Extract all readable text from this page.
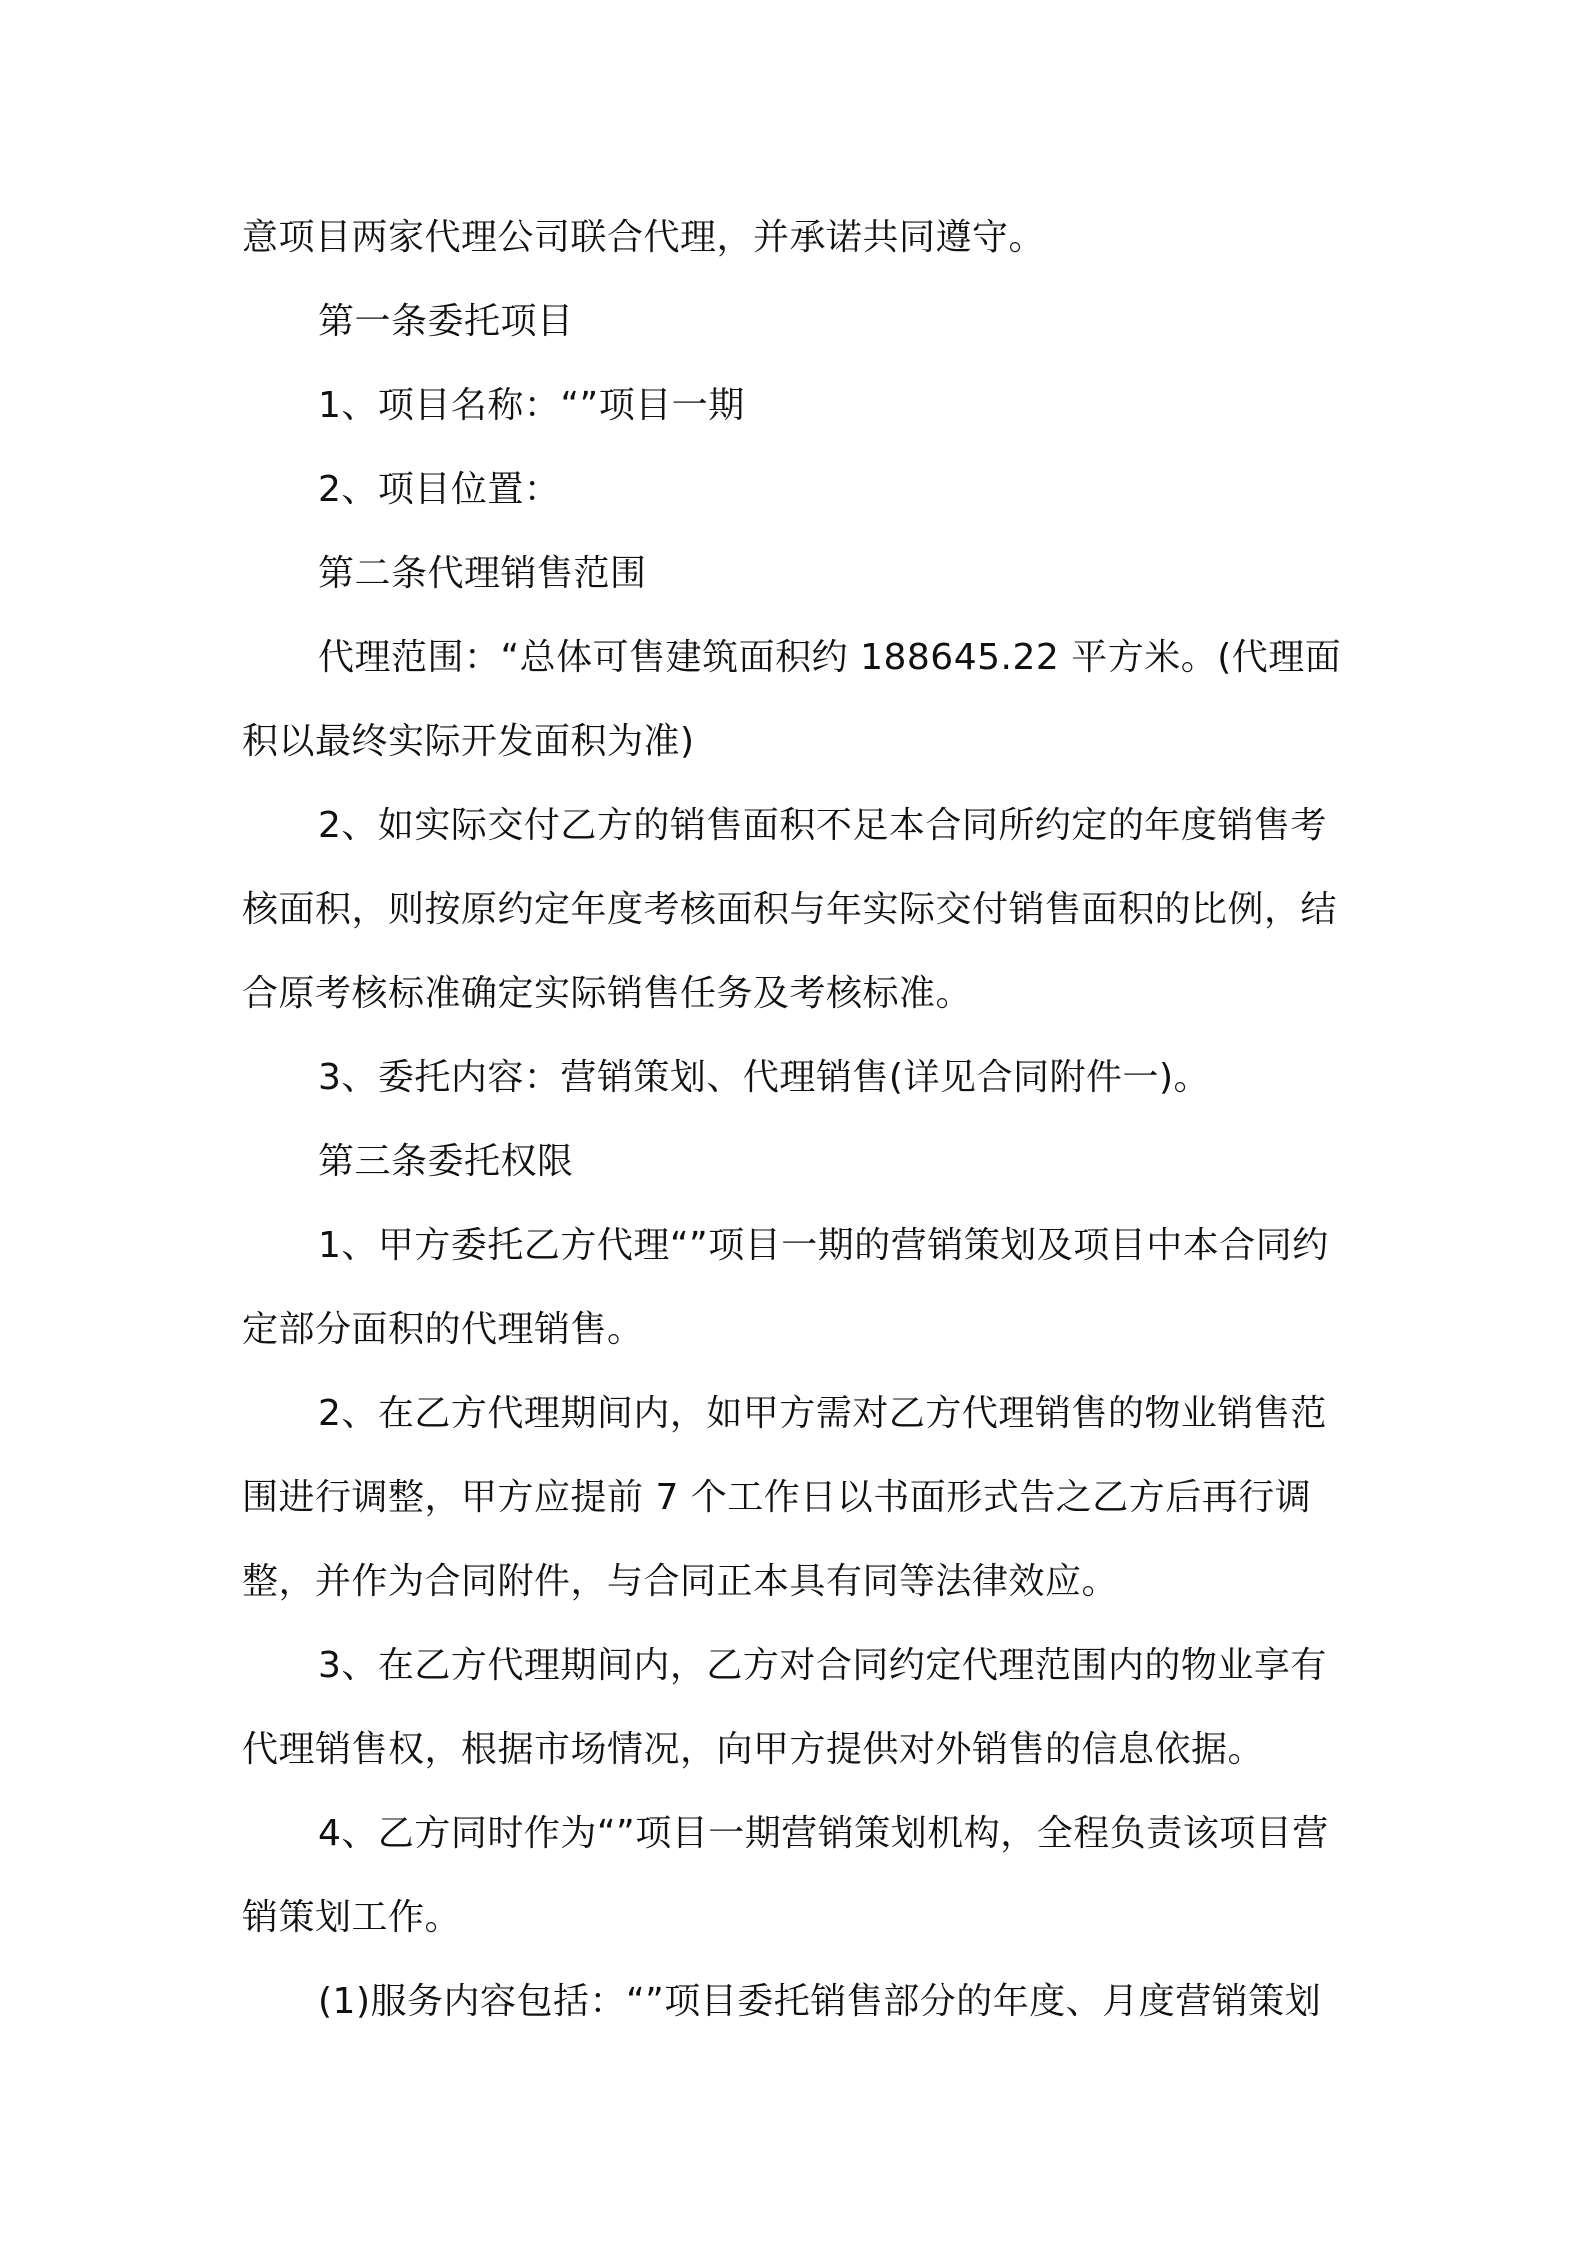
意项目两家代理公司联合代理，并承诺共同遵守。

第一条委托项目

1、项目名称：“”项目一期

2、项目位置：

第二条代理销售范围

代理范围：“总体可售建筑面积约 188645.22 平方米。(代理面积以最终实际开发面积为准)

2、如实际交付乙方的销售面积不足本合同所约定的年度销售考核面积，则按原约定年度考核面积与年实际交付销售面积的比例，结合原考核标准确定实际销售任务及考核标准。

3、委托内容：营销策划、代理销售(详见合同附件一)。

第三条委托权限

1、甲方委托乙方代理“”项目一期的营销策划及项目中本合同约定部分面积的代理销售。

2、在乙方代理期间内，如甲方需对乙方代理销售的物业销售范围进行调整，甲方应提前 7 个工作日以书面形式告之乙方后再行调整，并作为合同附件，与合同正本具有同等法律效应。

3、在乙方代理期间内，乙方对合同约定代理范围内的物业享有代理销售权，根据市场情况，向甲方提供对外销售的信息依据。

4、乙方同时作为“”项目一期营销策划机构，全程负责该项目营销策划工作。

(1)服务内容包括：“”项目委托销售部分的年度、月度营销策划
